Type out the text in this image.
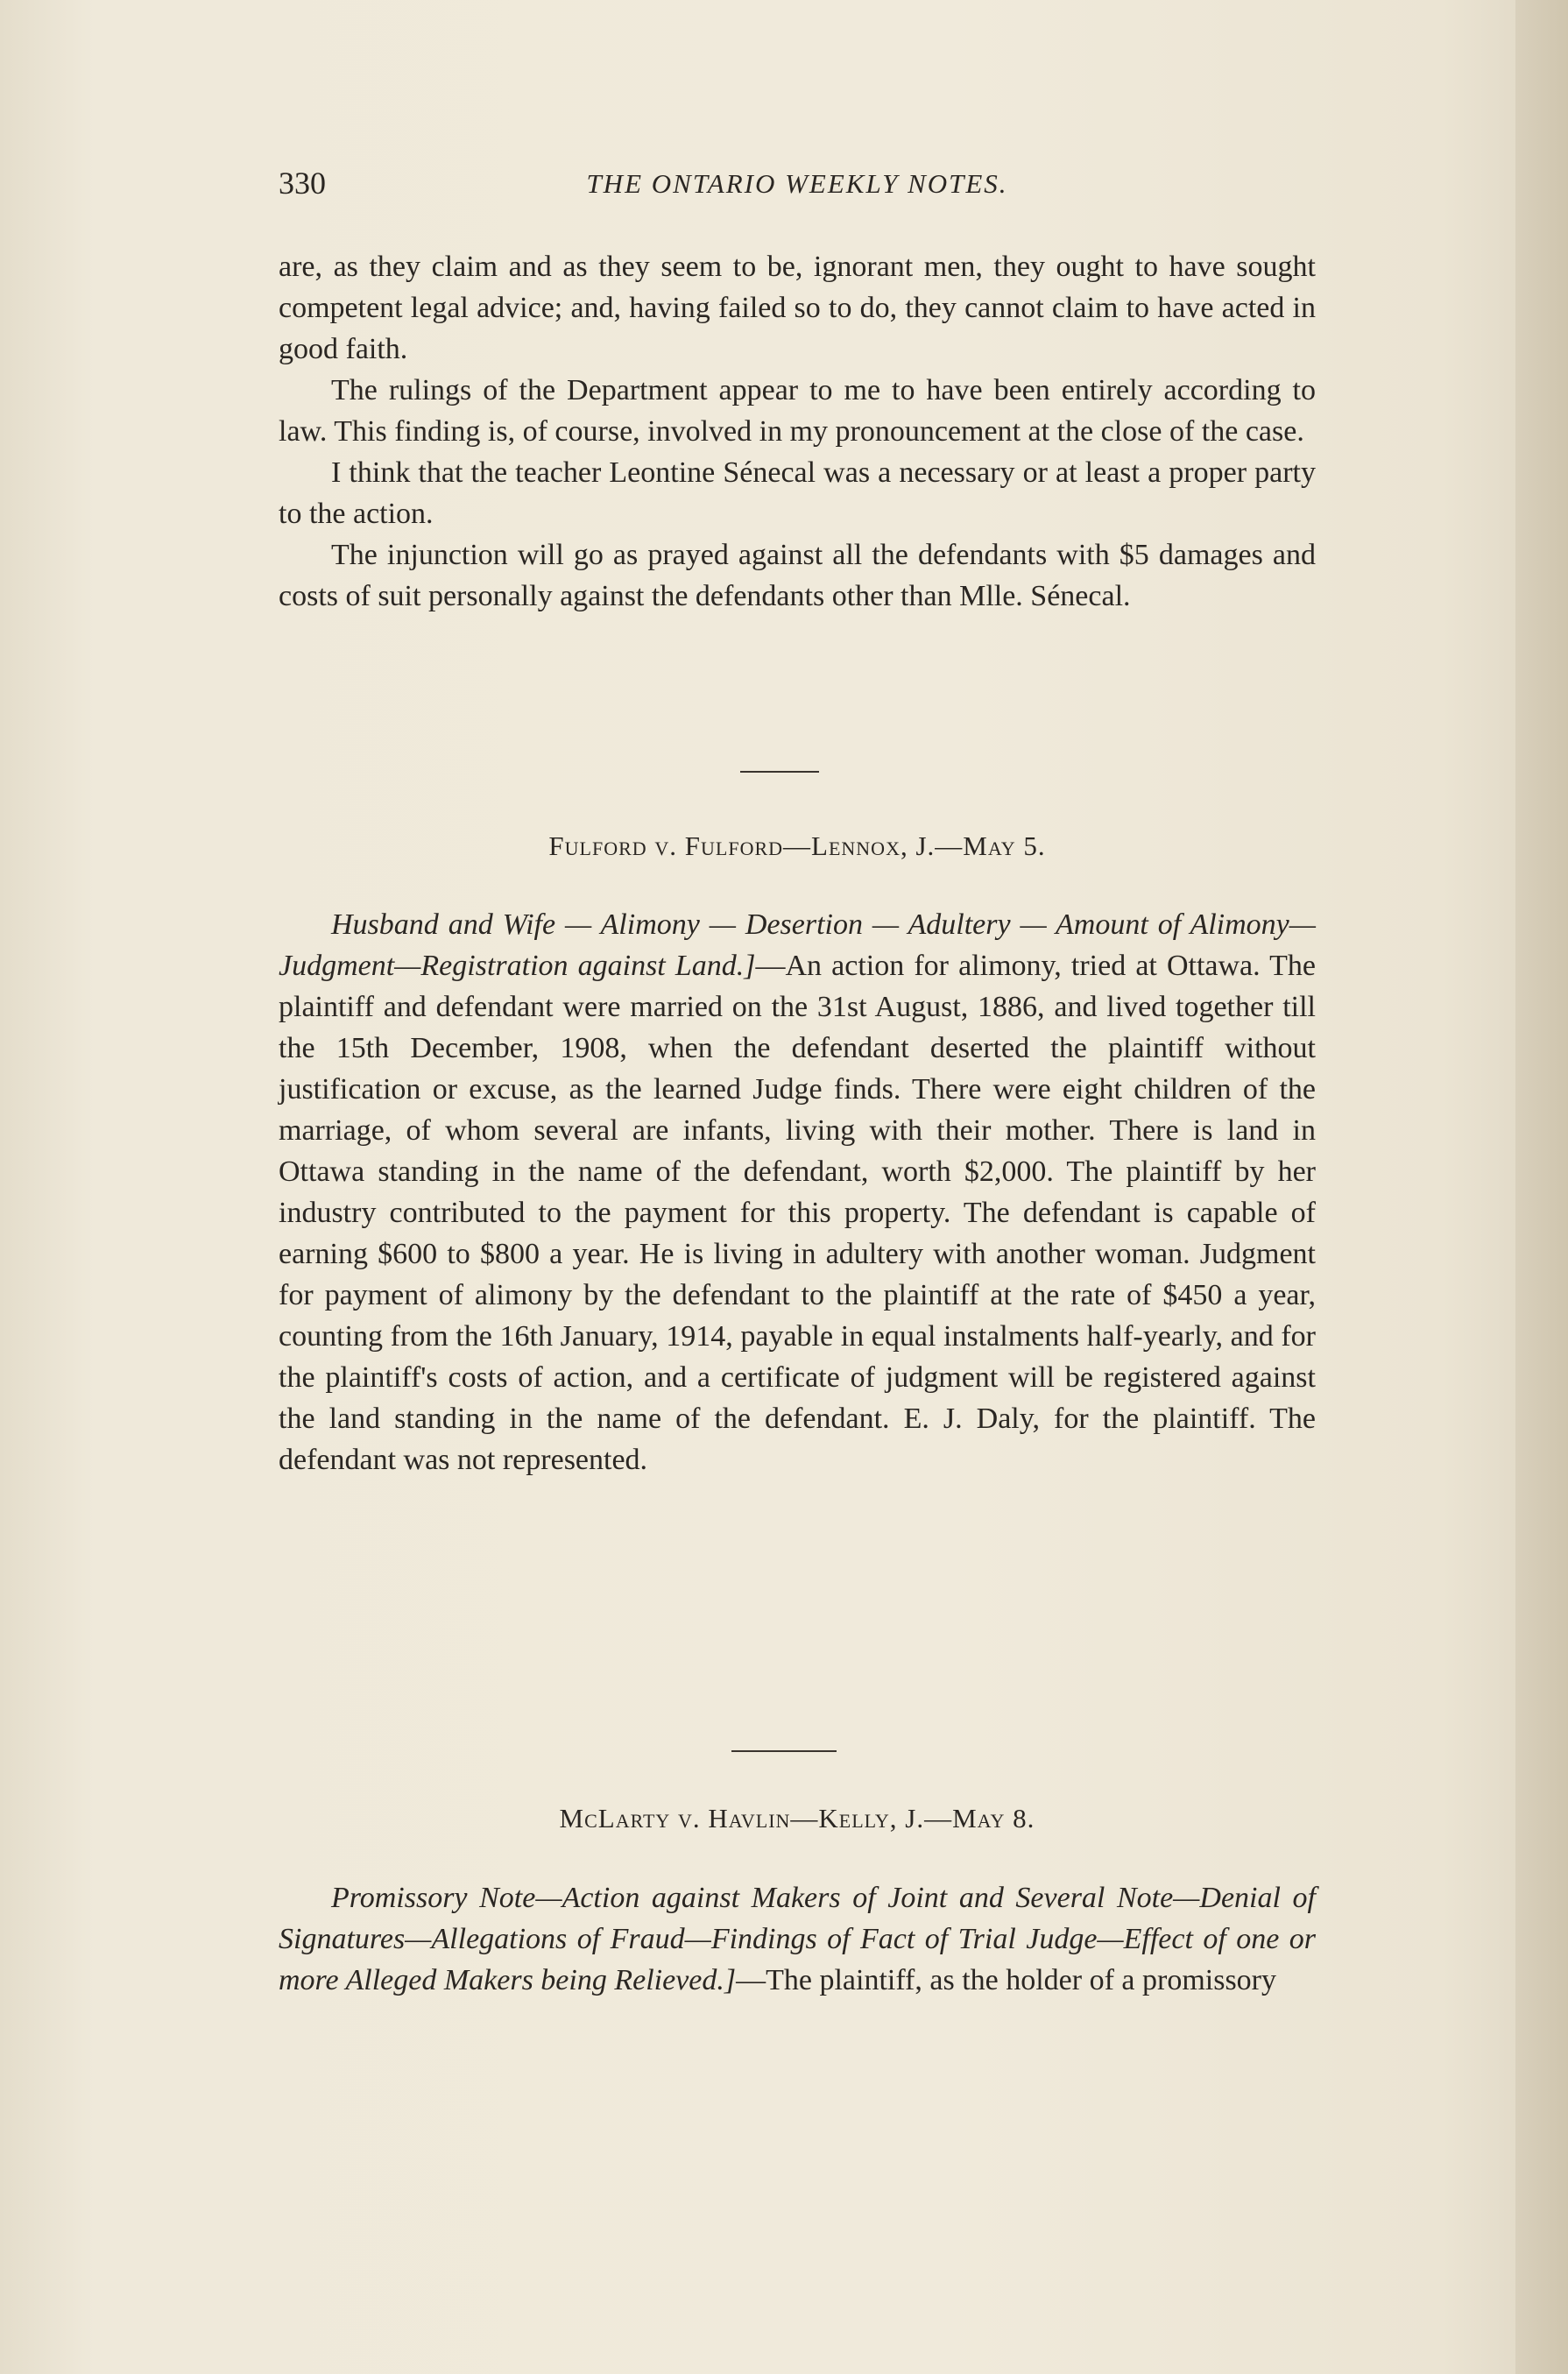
330	THE ONTARIO WEEKLY NOTES.

are, as they claim and as they seem to be, ignorant men, they ought to have sought competent legal advice; and, having failed so to do, they cannot claim to have acted in good faith.

The rulings of the Department appear to me to have been entirely according to law. This finding is, of course, involved in my pronouncement at the close of the case.

I think that the teacher Leontine Sénecal was a necessary or at least a proper party to the action.

The injunction will go as prayed against all the defendants with $5 damages and costs of suit personally against the defendants other than Mlle. Sénecal.

Fulford v. Fulford—Lennox, J.—May 5.

Husband and Wife — Alimony — Desertion — Adultery — Amount of Alimony—Judgment—Registration against Land.]—An action for alimony, tried at Ottawa. The plaintiff and defendant were married on the 31st August, 1886, and lived together till the 15th December, 1908, when the defendant deserted the plaintiff without justification or excuse, as the learned Judge finds. There were eight children of the marriage, of whom several are infants, living with their mother. There is land in Ottawa standing in the name of the defendant, worth $2,000. The plaintiff by her industry contributed to the payment for this property. The defendant is capable of earning $600 to $800 a year. He is living in adultery with another woman. Judgment for payment of alimony by the defendant to the plaintiff at the rate of $450 a year, counting from the 16th January, 1914, payable in equal instalments half-yearly, and for the plaintiff's costs of action, and a certificate of judgment will be registered against the land standing in the name of the defendant. E. J. Daly, for the plaintiff. The defendant was not represented.

McLarty v. Havlin—Kelly, J.—May 8.

Promissory Note—Action against Makers of Joint and Several Note—Denial of Signatures—Allegations of Fraud—Findings of Fact of Trial Judge—Effect of one or more Alleged Makers being Relieved.]—The plaintiff, as the holder of a promissory
